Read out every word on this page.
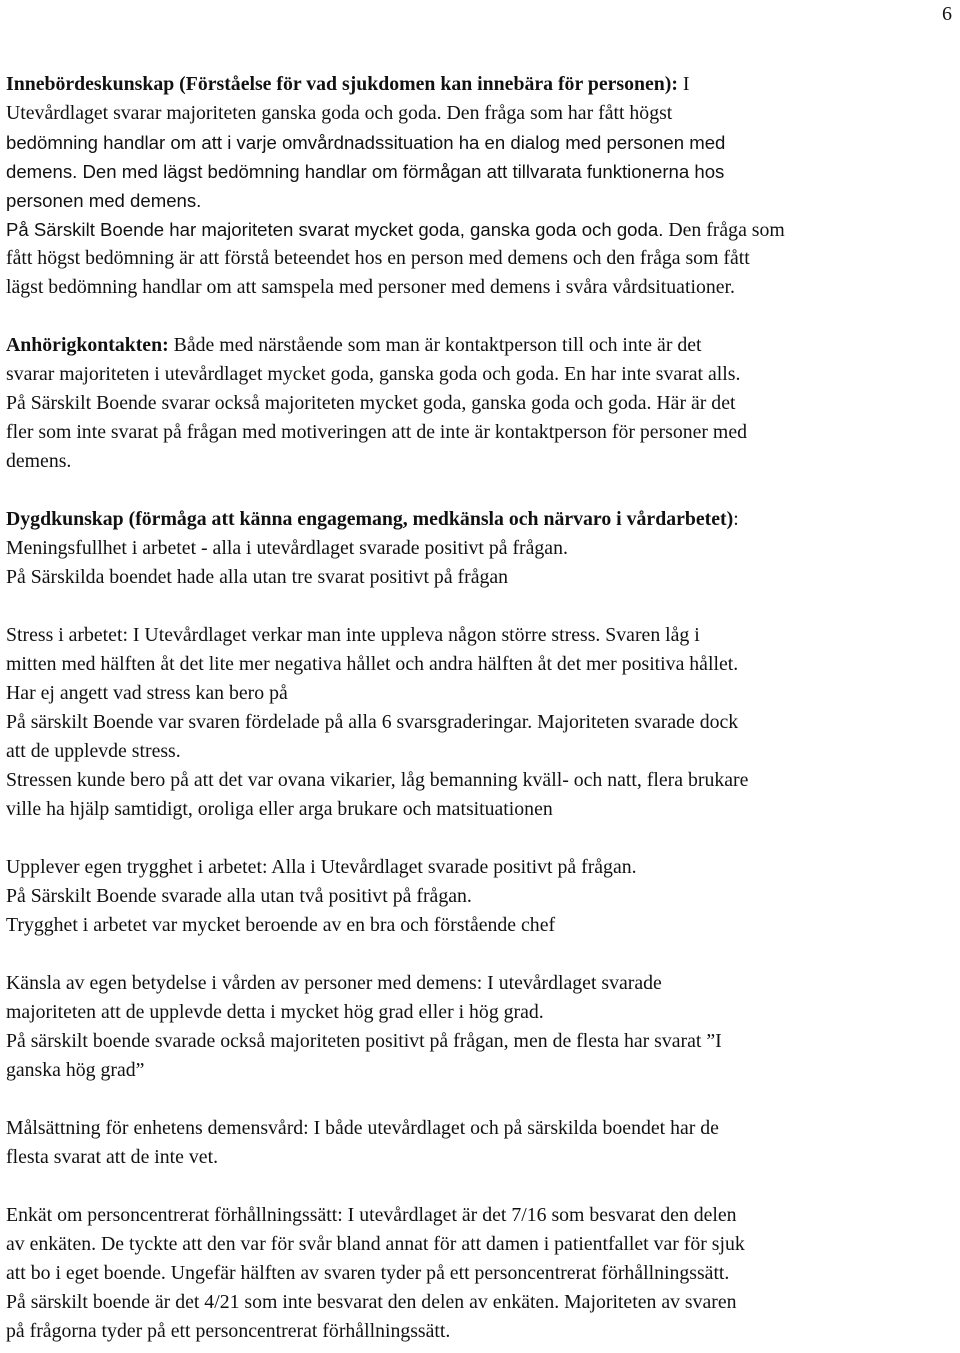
6
Innebördeskunskap (Förståelse för vad sjukdomen kan innebära för personen): I
Utevårdlaget svarar majoriteten ganska goda och goda. Den fråga som har fått högst
bedömning handlar om att i varje omvårdnadssituation ha en dialog med personen med
demens. Den med lägst bedömning handlar om förmågan att tillvarata funktionerna hos
personen med demens.
På Särskilt Boende har majoriteten svarat mycket goda, ganska goda och goda. Den fråga som
fått högst bedömning är att förstå beteendet hos en person med demens och den fråga som fått
lägst bedömning handlar om att samspela med personer med demens i svåra vårdsituationer.
Anhörigkontakten: Både med närstående som man är kontaktperson till och inte är det
svarar majoriteten i utevårdlaget mycket goda, ganska goda och goda. En har inte svarat alls.
På Särskilt Boende svarar också majoriteten mycket goda, ganska goda och goda. Här är det
fler som inte svarat på frågan med motiveringen att de inte är kontaktperson för personer med
demens.
Dygdkunskap (förmåga att känna engagemang, medkänsla och närvaro i vårdarbetet):
Meningsfullhet i arbetet - alla i utevårdlaget svarade positivt på frågan.
På Särskilda boendet hade alla utan tre svarat positivt på frågan
Stress i arbetet: I Utevårdlaget verkar man inte uppleva någon större stress. Svaren låg i
mitten med hälften åt det lite mer negativa hållet och andra hälften åt det mer positiva hållet.
Har ej angett vad stress kan bero på
På särskilt Boende var svaren fördelade på alla 6 svarsgraderingar. Majoriteten svarade dock
att de upplevde stress.
Stressen kunde bero på att det var ovana vikarier, låg bemanning kväll- och natt, flera brukare
ville ha hjälp samtidigt, oroliga eller arga brukare och matsituationen
Upplever egen trygghet i arbetet: Alla i Utevårdlaget svarade positivt på frågan.
På Särskilt Boende svarade alla utan två positivt på frågan.
Trygghet i arbetet var mycket beroende av en bra och förstående chef
Känsla av egen betydelse i vården av personer med demens: I utevårdlaget svarade
majoriteten att de upplevde detta i mycket hög grad eller i hög grad.
På särskilt boende svarade också majoriteten positivt på frågan, men de flesta har svarat ”I
ganska hög grad”
Målsättning för enhetens demensvård: I både utevårdlaget och på särskilda boendet har de
flesta svarat att de inte vet.
Enkät om personcentrerat förhållningssätt: I utevårdlaget är det 7/16 som besvarat den delen
av enkäten. De tyckte att den var för svår bland annat för att damen i patientfallet var för sjuk
att bo i eget boende. Ungefär hälften av svaren tyder på ett personcentrerat förhållningssätt.
På särskilt boende är det 4/21 som inte besvarat den delen av enkäten. Majoriteten av svaren
på frågorna tyder på ett personcentrerat förhållningssätt.
